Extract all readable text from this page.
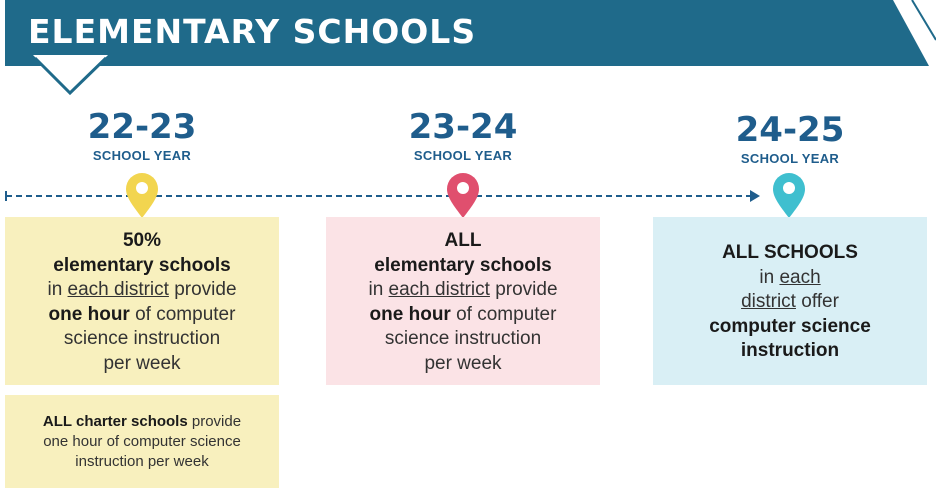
ELEMENTARY SCHOOLS
22-23
SCHOOL YEAR
23-24
SCHOOL YEAR
24-25
SCHOOL YEAR
50%
elementary schools
in each district provide
one hour of computer
science instruction
per week
ALL
elementary schools
in each district provide
one hour of computer
science instruction
per week
ALL SCHOOLS
in each
district offer
computer science
instruction
ALL charter schools provide
one hour of computer science
instruction per week
